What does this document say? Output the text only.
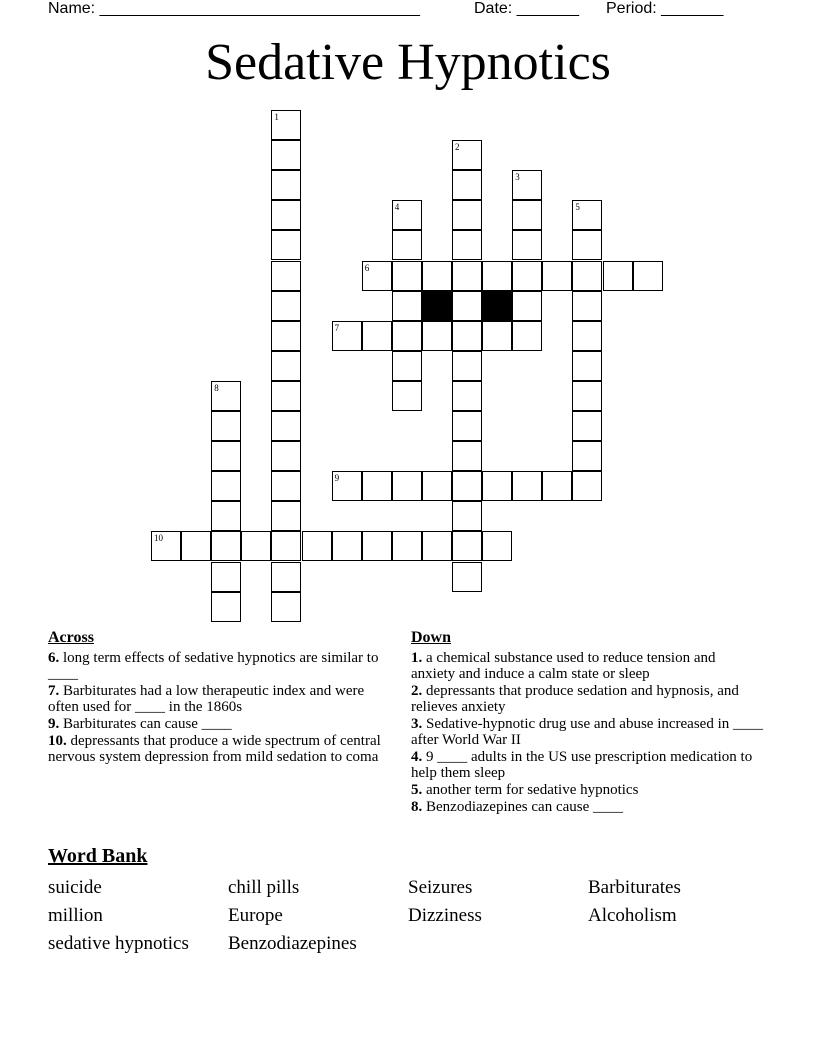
Name: ____________________________________	Date: _______ Period: _______
Sedative Hypnotics
1
2
3
4	5
6
7
8
9
10
Across
6. long term effects of sedative hypnotics are similar to ____
7. Barbiturates had a low therapeutic index and were often used for ____ in the 1860s
9. Barbiturates can cause ____
10. depressants that produce a wide spectrum of central nervous system depression from mild sedation to coma
Down
1. a chemical substance used to reduce tension and anxiety and induce a calm state or sleep
2. depressants that produce sedation and hypnosis, and relieves anxiety
3. Sedative-hypnotic drug use and abuse increased in ____ after World War II
4. 9 ____ adults in the US use prescription medication to help them sleep
5. another term for sedative hypnotics
8. Benzodiazepines can cause ____
Word Bank
suicide	chill pills	Seizures	Barbiturates
million	Europe	Dizziness	Alcoholism
sedative hypnotics Benzodiazepines
